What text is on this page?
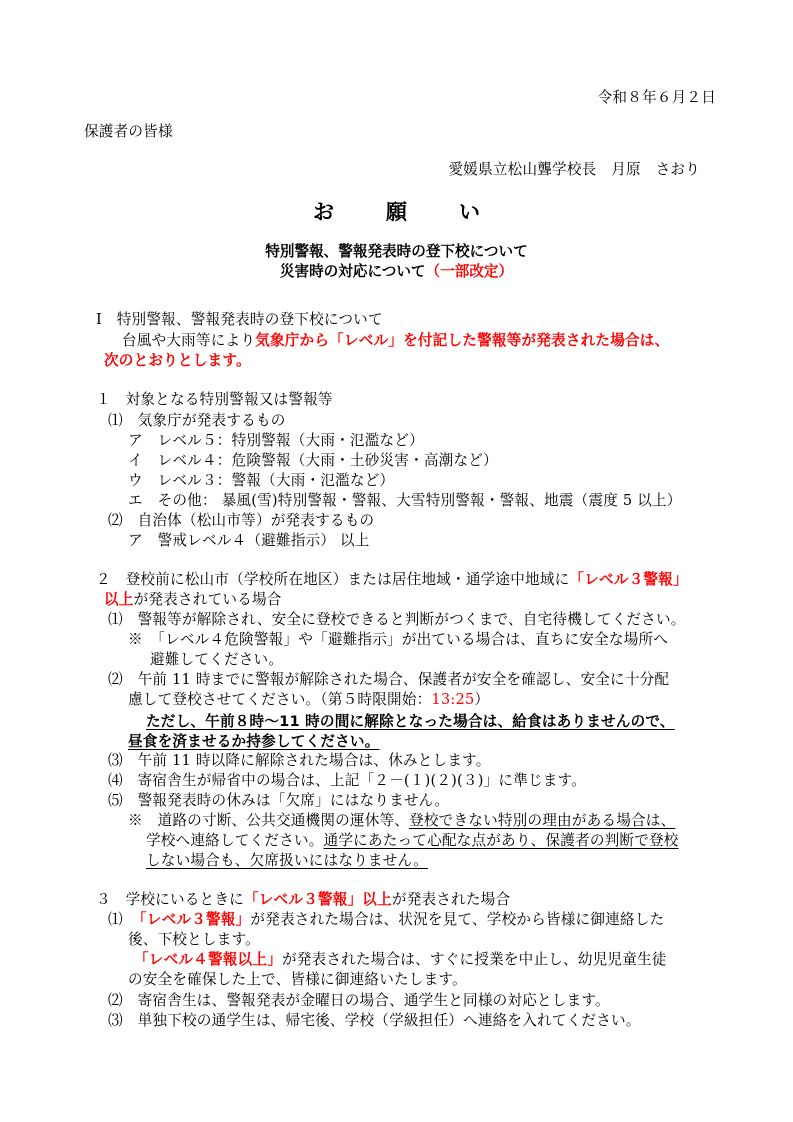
令和８年６月２日
保護者の皆様
愛媛県立松山聾学校長　月原　さおり
お 願 い
特別警報、警報発表時の登下校について
災害時の対応について（一部改定）
Ⅰ　特別警報、警報発表時の登下校について
台風や大雨等により気象庁から「レベル」を付記した警報等が発表された場合は、
次のとおりとします。
１　対象となる特別警報又は警報等
⑴　気象庁が発表するもの
ア　レベル５：特別警報（大雨・氾濫など）
イ　レベル４：危険警報（大雨・土砂災害・高潮など）
ウ　レベル３：警報（大雨・氾濫など）
エ　その他： 暴風(雪)特別警報・警報、大雪特別警報・警報、地震（震度 5 以上）
⑵　自治体（松山市等）が発表するもの
ア　警戒レベル４（避難指示） 以上
２　登校前に松山市（学校所在地区）または居住地域・通学途中地域に「レベル３警報」
以上が発表されている場合
⑴　警報等が解除され、安全に登校できると判断がつくまで、自宅待機してください。
※　「レベル４危険警報」や「避難指示」が出ている場合は、直ちに安全な場所へ
避難してください。
⑵　午前 11 時までに警報が解除された場合、保護者が安全を確認し、安全に十分配
慮して登校させてください。（第５時限開始：13:25）
ただし、午前８時～11 時の間に解除となった場合は、給食はありませんので、
昼食を済ませるか持参してください。
⑶　午前 11 時以降に解除された場合は、休みとします。
⑷　寄宿舎生が帰省中の場合は、上記「２－(１)(２)(３)」に準じます。
⑸　警報発表時の休みは「欠席」にはなりません。
※　道路の寸断、公共交通機関の運休等、登校できない特別の理由がある場合は、
学校へ連絡してください。通学にあたって心配な点があり、保護者の判断で登校
しない場合も、欠席扱いにはなりません。
３　学校にいるときに「レベル３警報」以上が発表された場合
⑴ 「レベル３警報」が発表された場合は、状況を見て、学校から皆様に御連絡した
後、下校とします。
「レベル４警報以上」が発表された場合は、すぐに授業を中止し、幼児児童生徒
の安全を確保した上で、皆様に御連絡いたします。
⑵　寄宿舎生は、警報発表が金曜日の場合、通学生と同様の対応とします。
⑶　単独下校の通学生は、帰宅後、学校（学級担任）へ連絡を入れてください。
